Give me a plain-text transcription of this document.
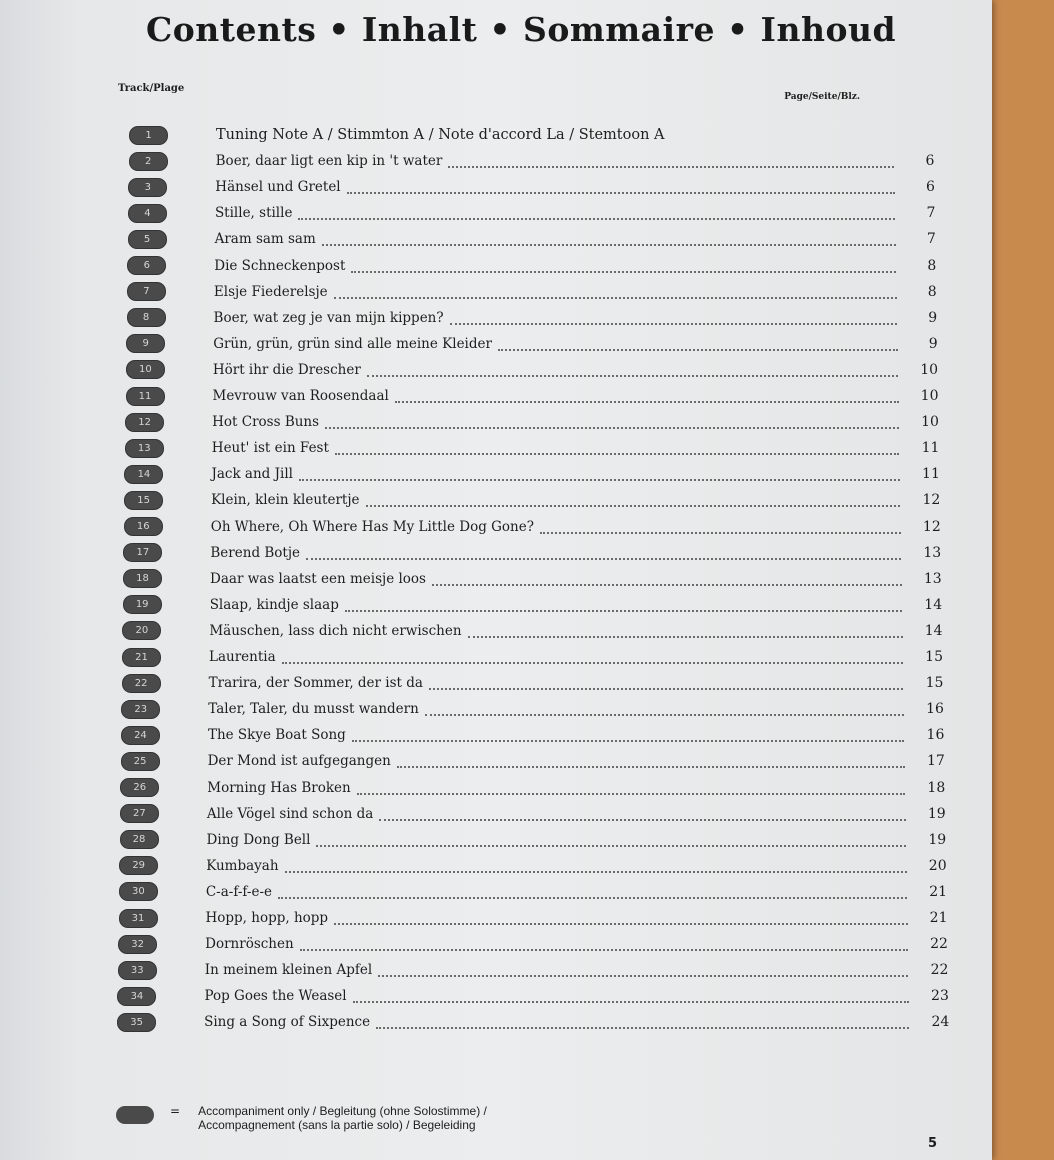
Contents • Inhalt • Sommaire • Inhoud
Track/Plage
Page/Seite/Blz.
1	Tuning Note A / Stimmton A / Note d'accord La / Stemtoon A
2	Boer, daar ligt een kip in 't water	6
3	Hänsel und Gretel	6
4	Stille, stille	7
5	Aram sam sam	7
6	Die Schneckenpost	8
7	Elsje Fiederelsje	8
8	Boer, wat zeg je van mijn kippen?	9
9	Grün, grün, grün sind alle meine Kleider	9
10	Hört ihr die Drescher	10
11	Mevrouw van Roosendaal	10
12	Hot Cross Buns	10
13	Heut' ist ein Fest	11
14	Jack and Jill	11
15	Klein, klein kleutertje	12
16	Oh Where, Oh Where Has My Little Dog Gone?	12
17	Berend Botje	13
18	Daar was laatst een meisje loos	13
19	Slaap, kindje slaap	14
20	Mäuschen, lass dich nicht erwischen	14
21	Laurentia	15
22	Trarira, der Sommer, der ist da	15
23	Taler, Taler, du musst wandern	16
24	The Skye Boat Song	16
25	Der Mond ist aufgegangen	17
26	Morning Has Broken	18
27	Alle Vögel sind schon da	19
28	Ding Dong Bell	19
29	Kumbayah	20
30	C-a-f-f-e-e	21
31	Hopp, hopp, hopp	21
32	Dornröschen	22
33	In meinem kleinen Apfel	22
34	Pop Goes the Weasel	23
35	Sing a Song of Sixpence	24
= Accompaniment only / Begleitung (ohne Solostimme) /
Accompagnement (sans la partie solo) / Begeleiding
5
